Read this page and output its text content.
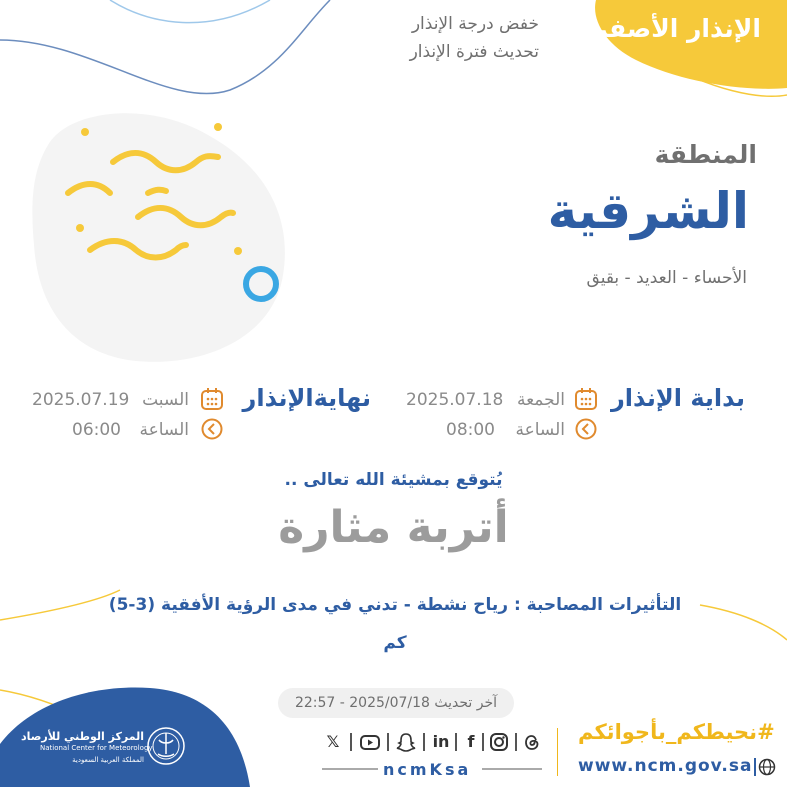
الإنذار الأصفر
خفض درجة الإنذار
تحديث فترة الإنذار
المنطقة
الشرقية
الأحساء - العديد - بقيق
بداية الإنذار
الجمعة
2025.07.18
الساعة
08:00
نهايةالإنذار
السبت
2025.07.19
الساعة
06:00
يُتوقع بمشيئة الله تعالى ..
أتربة مثارة
التأثيرات المصاحبة : رياح نشطة - تدني في مدى الرؤية الأفقية (3-5) كم
آخر تحديث 2025/07/18 - 22:57
المركز الوطني للأرصاد
National Center for Meteorology
المملكة العربية السعودية
𝕏	in	f
ncmKsa
#نحيطكم_بأجوائكم
www.ncm.gov.sa
